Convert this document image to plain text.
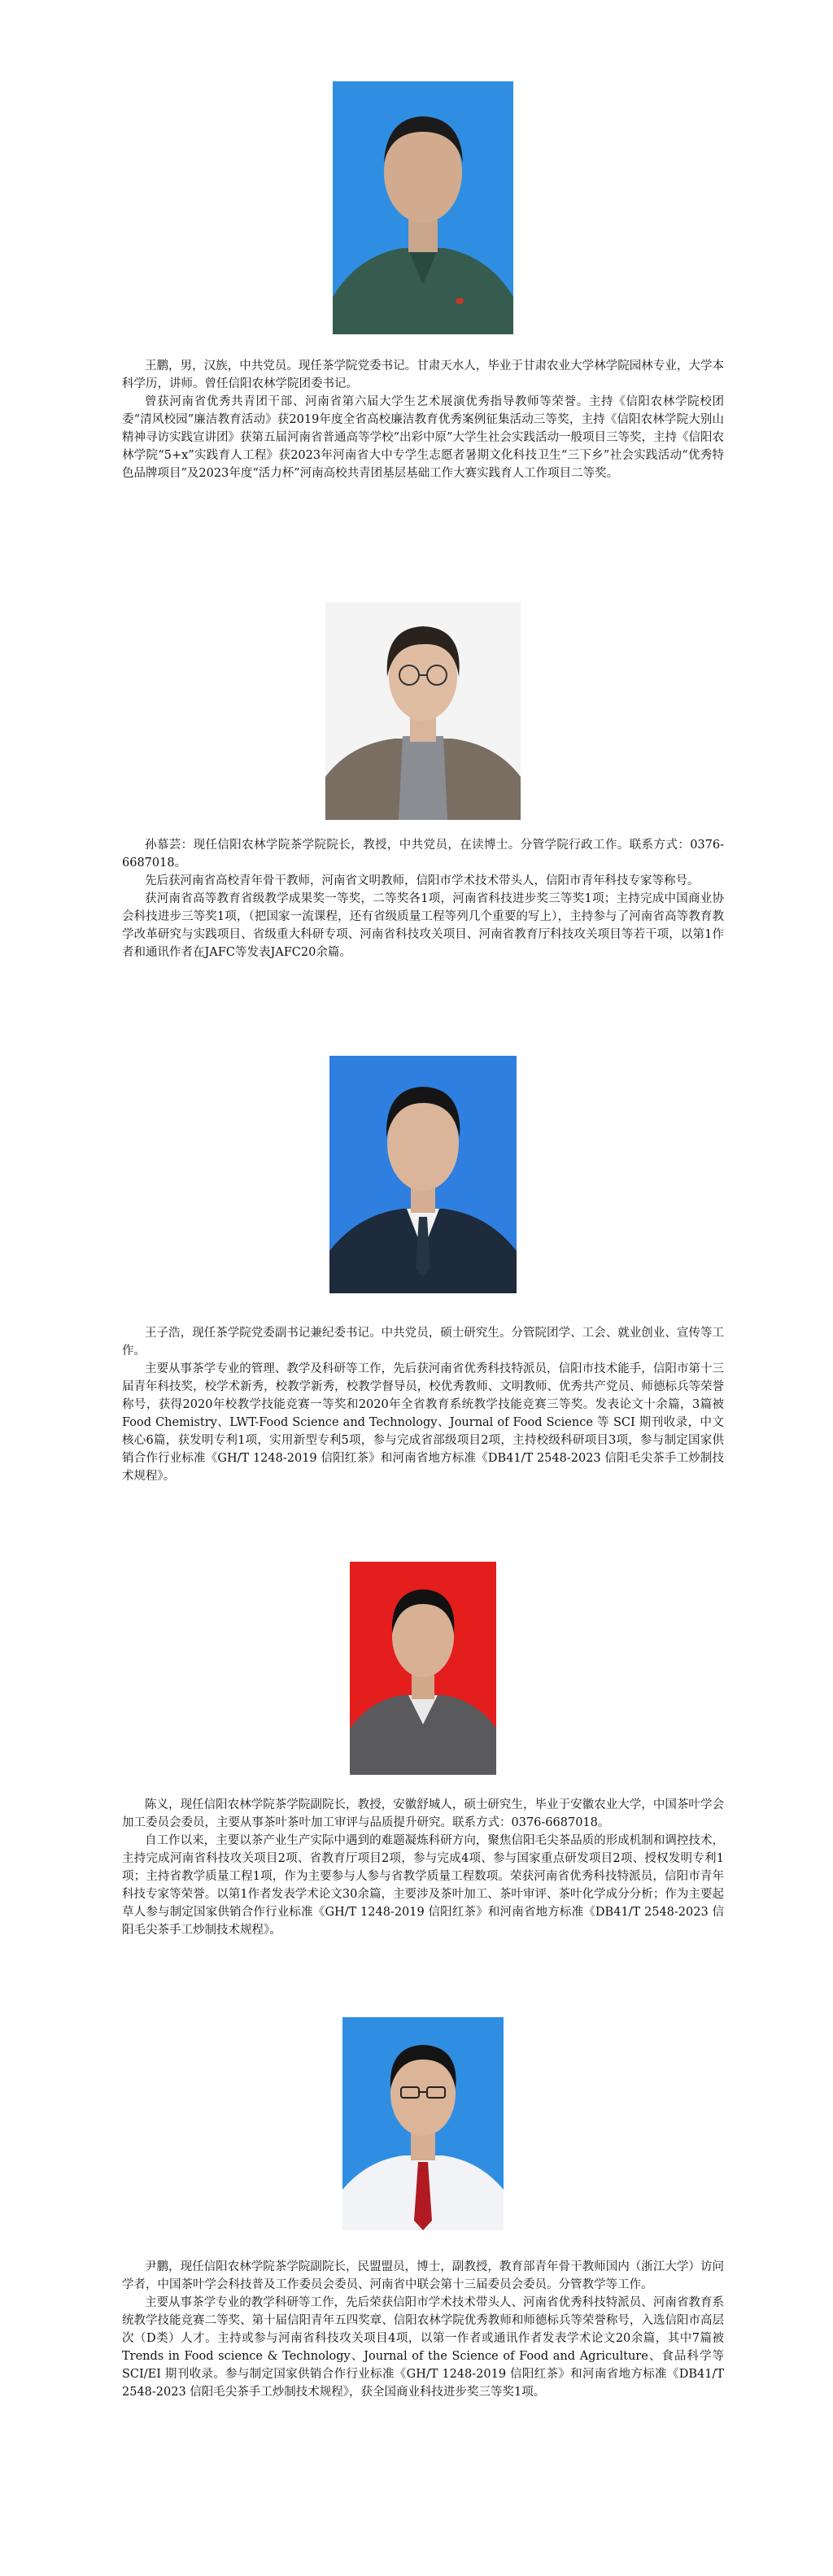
王鹏，男，汉族，中共党员。现任茶学院党委书记。甘肃天水人，毕业于甘肃农业大学林学院园林专业，大学本科学历，讲师。曾任信阳农林学院团委书记。

曾获河南省优秀共青团干部、河南省第六届大学生艺术展演优秀指导教师等荣誉。主持《信阳农林学院校团委“清风校园”廉洁教育活动》获2019年度全省高校廉洁教育优秀案例征集活动三等奖，主持《信阳农林学院大别山精神寻访实践宣讲团》获第五届河南省普通高等学校“出彩中原”大学生社会实践活动一般项目三等奖，主持《信阳农林学院“5+x”实践育人工程》获2023年河南省大中专学生志愿者暑期文化科技卫生“三下乡”社会实践活动“优秀特色品牌项目”及2023年度“活力杯”河南高校共青团基层基础工作大赛实践育人工作项目二等奖。

孙慕芸：现任信阳农林学院茶学院院长，教授，中共党员，在读博士。分管学院行政工作。联系方式：0376-6687018。

先后获河南省高校青年骨干教师，河南省文明教师，信阳市学术技术带头人，信阳市青年科技专家等称号。

获河南省高等教育省级教学成果奖一等奖，二等奖各1项，河南省科技进步奖三等奖1项；主持完成中国商业协会科技进步三等奖1项，（把国家一流课程，还有省级质量工程等列几个重要的写上），主持参与了河南省高等教育教学改革研究与实践项目、省级重大科研专项、河南省科技攻关项目、河南省教育厅科技攻关项目等若干项，以第1作者和通讯作者在JAFC等发表JAFC20余篇。

王子浩，现任茶学院党委副书记兼纪委书记。中共党员，硕士研究生。分管院团学、工会、就业创业、宣传等工作。

主要从事茶学专业的管理、教学及科研等工作，先后获河南省优秀科技特派员，信阳市技术能手，信阳市第十三届青年科技奖，校学术新秀，校教学新秀，校教学督导员，校优秀教师、文明教师、优秀共产党员、师德标兵等荣誉称号，获得2020年校教学技能竞赛一等奖和2020年全省教育系统教学技能竞赛三等奖。发表论文十余篇，3篇被Food Chemistry、LWT-Food Science and Technology、Journal of Food Science 等 SCI 期刊收录，中文核心6篇，获发明专利1项，实用新型专利5项，参与完成省部级项目2项，主持校级科研项目3项，参与制定国家供销合作行业标准《GH/T 1248-2019 信阳红茶》和河南省地方标准《DB41/T 2548-2023 信阳毛尖茶手工炒制技术规程》。

陈义，现任信阳农林学院茶学院副院长，教授，安徽舒城人，硕士研究生，毕业于安徽农业大学，中国茶叶学会加工委员会委员，主要从事茶叶茶叶加工审评与品质提升研究。联系方式：0376-6687018。

自工作以来，主要以茶产业生产实际中遇到的难题凝炼科研方向，聚焦信阳毛尖茶品质的形成机制和调控技术，主持完成河南省科技攻关项目2项、省教育厅项目2项，参与完成4项、参与国家重点研发项目2项、授权发明专利1项；主持省教学质量工程1项，作为主要参与人参与省教学质量工程数项。荣获河南省优秀科技特派员，信阳市青年科技专家等荣誉。以第1作者发表学术论文30余篇，主要涉及茶叶加工、茶叶审评、茶叶化学成分分析；作为主要起草人参与制定国家供销合作行业标准《GH/T 1248-2019 信阳红茶》和河南省地方标准《DB41/T 2548-2023 信阳毛尖茶手工炒制技术规程》。

尹鹏，现任信阳农林学院茶学院副院长，民盟盟员，博士，副教授，教育部青年骨干教师国内（浙江大学）访问学者，中国茶叶学会科技普及工作委员会委员、河南省中联会第十三届委员会委员。分管教学等工作。

主要从事茶学专业的教学科研等工作，先后荣获信阳市学术技术带头人、河南省优秀科技特派员、河南省教育系统教学技能竞赛二等奖、第十届信阳青年五四奖章、信阳农林学院优秀教师和师德标兵等荣誉称号，入选信阳市高层次（D类）人才。主持或参与河南省科技攻关项目4项，以第一作者或通讯作者发表学术论文20余篇，其中7篇被Trends in Food science & Technology、Journal of the Science of Food and Agriculture、食品科学等 SCI/EI 期刊收录。参与制定国家供销合作行业标准《GH/T 1248-2019 信阳红茶》和河南省地方标准《DB41/T 2548-2023 信阳毛尖茶手工炒制技术规程》，获全国商业科技进步奖三等奖1项。
